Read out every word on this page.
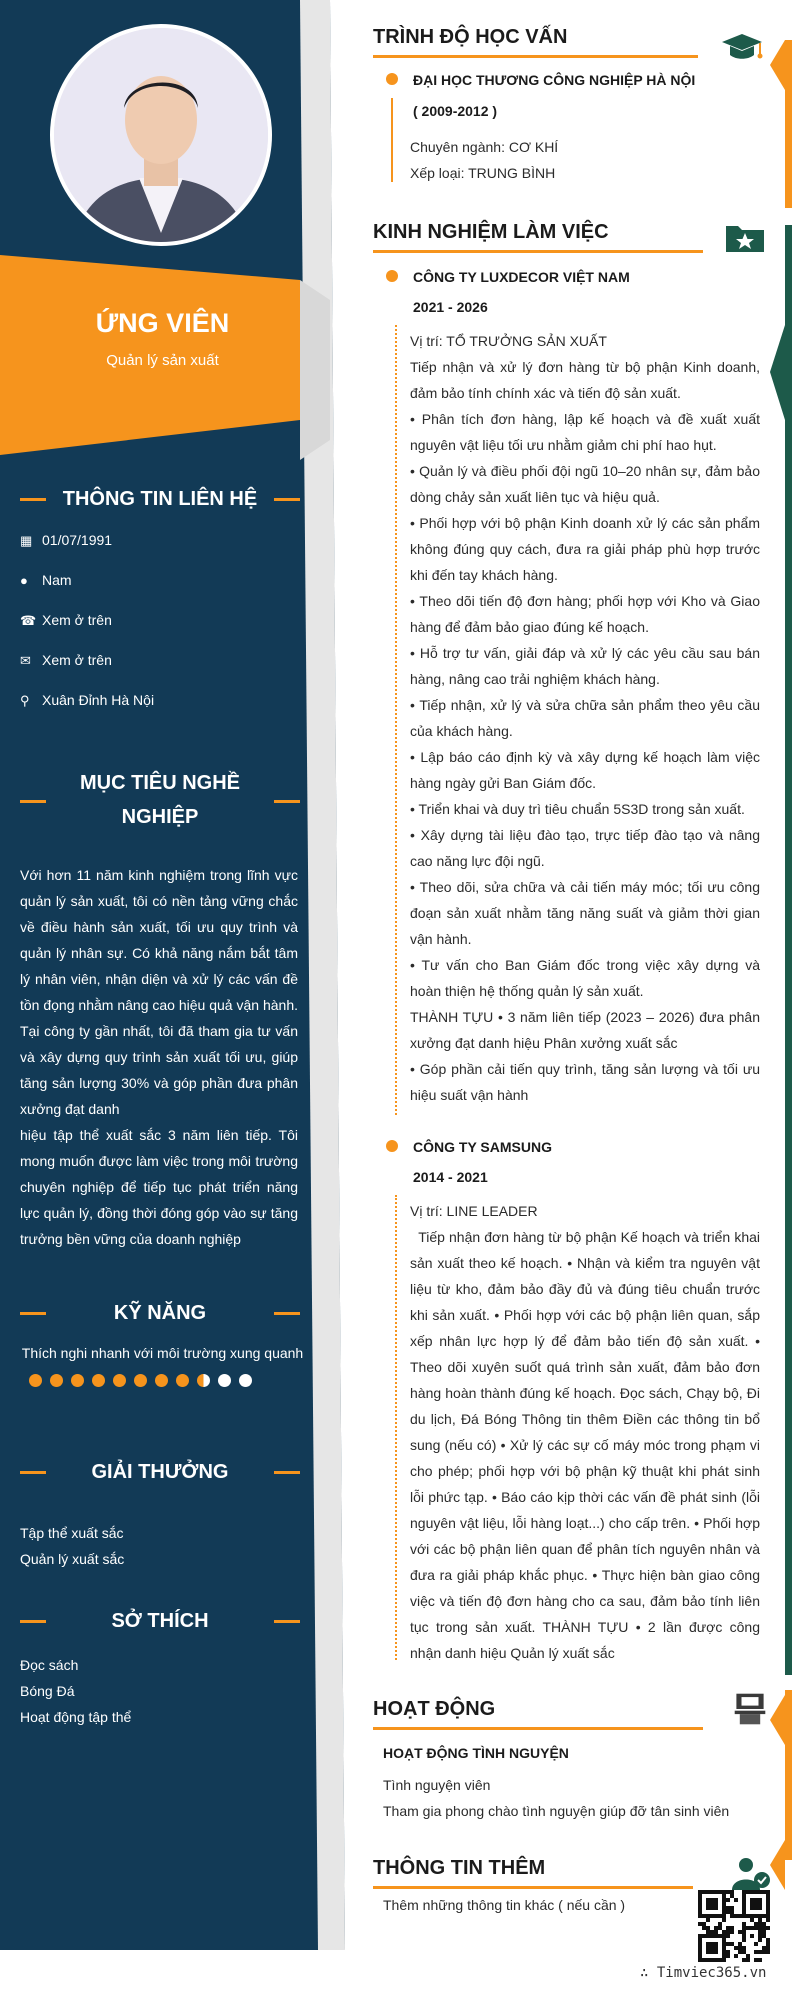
ỨNG VIÊN
Quản lý sản xuất
THÔNG TIN LIÊN HỆ
▦ 01/07/1991
● Nam
☎ Xem ở trên
✉ Xem ở trên
⚲ Xuân Đỉnh Hà Nội
MỤC TIÊU NGHỀ
NGHIỆP
Với hơn 11 năm kinh nghiệm trong lĩnh vực quản lý sản xuất, tôi có nền tảng vững chắc về điều hành sản xuất, tối ưu quy trình và quản lý nhân sự. Có khả năng nắm bắt tâm lý nhân viên, nhận diện và xử lý các vấn đề tồn đọng nhằm nâng cao hiệu quả vận hành. Tại công ty gần nhất, tôi đã tham gia tư vấn và xây dựng quy trình sản xuất tối ưu, giúp tăng sản lượng 30% và góp phần đưa phân xưởng đạt danh
hiệu tập thể xuất sắc 3 năm liên tiếp. Tôi mong muốn được làm việc trong môi trường chuyên nghiệp để tiếp tục phát triển năng lực quản lý, đồng thời đóng góp vào sự tăng trưởng bền vững của doanh nghiệp
KỸ NĂNG
Thích nghi nhanh với môi trường xung quanh
GIẢI THƯỞNG
Tập thể xuất sắc
Quản lý xuất sắc
SỞ THÍCH
Đọc sách
Bóng Đá
Hoạt động tập thể
TRÌNH ĐỘ HỌC VẤN
ĐẠI HỌC THƯƠNG CÔNG NGHIỆP HÀ NỘI
( 2009-2012 )
Chuyên ngành: CƠ KHÍ
Xếp loại: TRUNG BÌNH
KINH NGHIỆM LÀM VIỆC
CÔNG TY LUXDECOR VIỆT NAM
2021 - 2026
Vị trí: TỔ TRƯỞNG SẢN XUẤT
Tiếp nhận và xử lý đơn hàng từ bộ phận Kinh doanh, đảm bảo tính chính xác và tiến độ sản xuất.
• Phân tích đơn hàng, lập kế hoạch và đề xuất xuất nguyên vật liệu tối ưu nhằm giảm chi phí hao hụt.
• Quản lý và điều phối đội ngũ 10–20 nhân sự, đảm bảo dòng chảy sản xuất liên tục và hiệu quả.
• Phối hợp với bộ phận Kinh doanh xử lý các sản phẩm không đúng quy cách, đưa ra giải pháp phù hợp trước khi đến tay khách hàng.
• Theo dõi tiến độ đơn hàng; phối hợp với Kho và Giao hàng để đảm bảo giao đúng kế hoạch.
• Hỗ trợ tư vấn, giải đáp và xử lý các yêu cầu sau bán hàng, nâng cao trải nghiệm khách hàng.
• Tiếp nhận, xử lý và sửa chữa sản phẩm theo yêu cầu của khách hàng.
• Lập báo cáo định kỳ và xây dựng kế hoạch làm việc hàng ngày gửi Ban Giám đốc.
• Triển khai và duy trì tiêu chuẩn 5S3D trong sản xuất.
• Xây dựng tài liệu đào tạo, trực tiếp đào tạo và nâng cao năng lực đội ngũ.
• Theo dõi, sửa chữa và cải tiến máy móc; tối ưu công đoạn sản xuất nhằm tăng năng suất và giảm thời gian vận hành.
• Tư vấn cho Ban Giám đốc trong việc xây dựng và hoàn thiện hệ thống quản lý sản xuất.
THÀNH TỰU • 3 năm liên tiếp (2023 – 2026) đưa phân xưởng đạt danh hiệu Phân xưởng xuất sắc
• Góp phần cải tiến quy trình, tăng sản lượng và tối ưu hiệu suất vận hành
CÔNG TY SAMSUNG
2014 - 2021
Vị trí: LINE LEADER
Tiếp nhận đơn hàng từ bộ phận Kế hoạch và triển khai sản xuất theo kế hoạch. • Nhận và kiểm tra nguyên vật liệu từ kho, đảm bảo đầy đủ và đúng tiêu chuẩn trước khi sản xuất. • Phối hợp với các bộ phận liên quan, sắp xếp nhân lực hợp lý để đảm bảo tiến độ sản xuất. • Theo dõi xuyên suốt quá trình sản xuất, đảm bảo đơn hàng hoàn thành đúng kế hoạch. Đọc sách, Chạy bộ, Đi du lịch, Đá Bóng Thông tin thêm Điền các thông tin bổ sung (nếu có) • Xử lý các sự cố máy móc trong phạm vi cho phép; phối hợp với bộ phận kỹ thuật khi phát sinh lỗi phức tạp. • Báo cáo kịp thời các vấn đề phát sinh (lỗi nguyên vật liệu, lỗi hàng loạt...) cho cấp trên. • Phối hợp với các bộ phận liên quan để phân tích nguyên nhân và đưa ra giải pháp khắc phục. • Thực hiện bàn giao công việc và tiến độ đơn hàng cho ca sau, đảm bảo tính liên tục trong sản xuất. THÀNH TỰU • 2 lần được công nhận danh hiệu Quản lý xuất sắc
HOẠT ĐỘNG
HOẠT ĐỘNG TÌNH NGUYỆN
Tình nguyện viên
Tham gia phong chào tình nguyện giúp đỡ tân sinh viên
THÔNG TIN THÊM
Thêm những thông tin khác ( nếu cần )
∴ Timviec365.vn
